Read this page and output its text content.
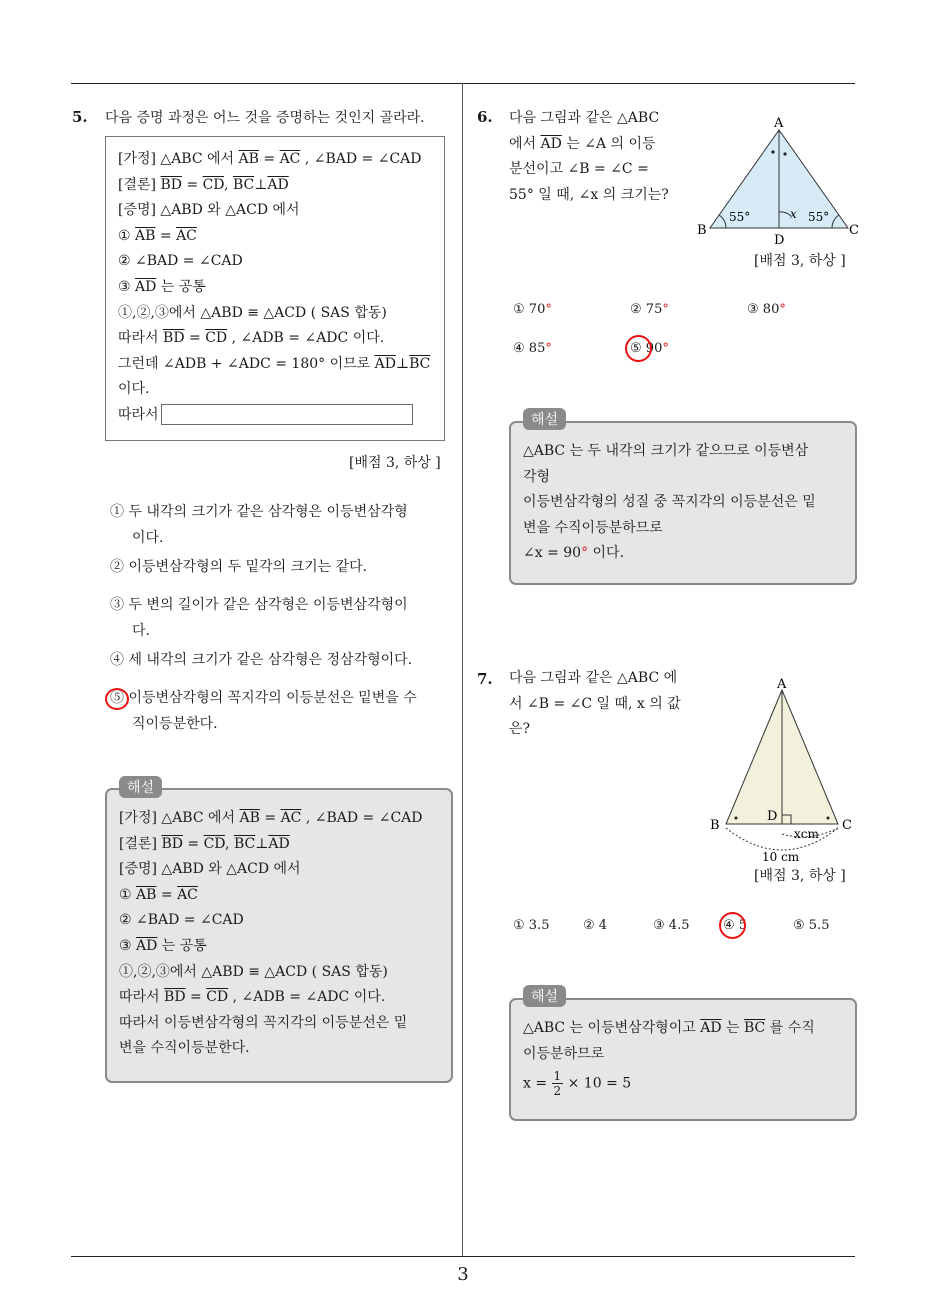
3
5. 다음 증명 과정은 어느 것을 증명하는 것인지 골라라.
[가정] △ABC 에서 $\overline{AB} = \overline{AC}$ , ∠BAD = ∠CAD
[결론] $\overline{BD} = \overline{CD}$, $\overline{BC}\perp\overline{AD}$
[증명] △ABD 와 △ACD 에서
① $\overline{AB} = \overline{AC}$
② ∠BAD = ∠CAD
③ $\overline{AD}$ 는 공통
①,②,③에서 △ABD ≡ △ACD ( SAS 합동)
따라서 $\overline{BD} = \overline{CD}$ , ∠ADB = ∠ADC 이다.
그런데 ∠ADB + ∠ADC = 180° 이므로 $\overline{AD}\perp\overline{BC}$
이다.
따라서
[배점 3, 하상 ]
① 두 내각의 크기가 같은 삼각형은 이등변삼각형
이다.
② 이등변삼각형의 두 밑각의 크기는 같다.
③ 두 변의 길이가 같은 삼각형은 이등변삼각형이
다.
④ 세 내각의 크기가 같은 삼각형은 정삼각형이다.
⑤ 이등변삼각형의 꼭지각의 이등분선은 밑변을 수
직이등분한다.
[가정] △ABC 에서 $\overline{AB} = \overline{AC}$ , ∠BAD = ∠CAD
[결론] $\overline{BD} = \overline{CD}$, $\overline{BC}\perp\overline{AD}$
[증명] △ABD 와 △ACD 에서
① $\overline{AB} = \overline{AC}$
② ∠BAD = ∠CAD
③ $\overline{AD}$ 는 공통
①,②,③에서 △ABD ≡ △ACD ( SAS 합동)
따라서 $\overline{BD} = \overline{CD}$ , ∠ADB = ∠ADC 이다.
따라서 이등변삼각형의 꼭지각의 이등분선은 밑
변을 수직이등분한다.
해설
6. 다음 그림과 같은 △ABC
에서 $\overline{AD}$ 는 ∠A 의 이등
분선이고 ∠B = ∠C =
55° 일 때, ∠x 의 크기는?
A
B	C
D
55°	55°
x
[배점 3, 하상 ]
① 70°	② 75°	③ 80°
④ 85°	⑤ 90°
△ABC 는 두 내각의 크기가 같으므로 이등변삼
각형
이등변삼각형의 성질 중 꼭지각의 이등분선은 밑
변을 수직이등분하므로
∠x = 90° 이다.
해설
7. 다음 그림과 같은 △ABC 에
서 ∠B = ∠C 일 때, x 의 값
은?
A
B	C
D
xcm
10 cm
[배점 3, 하상 ]
① 3.5	② 4	③ 4.5	④ 5	⑤ 5.5
△ABC 는 이등변삼각형이고 $\overline{AD}$ 는 $\overline{BC}$ 를 수직
이등분하므로
$x = \frac{1}{2} \times 10 = 5$
해설
